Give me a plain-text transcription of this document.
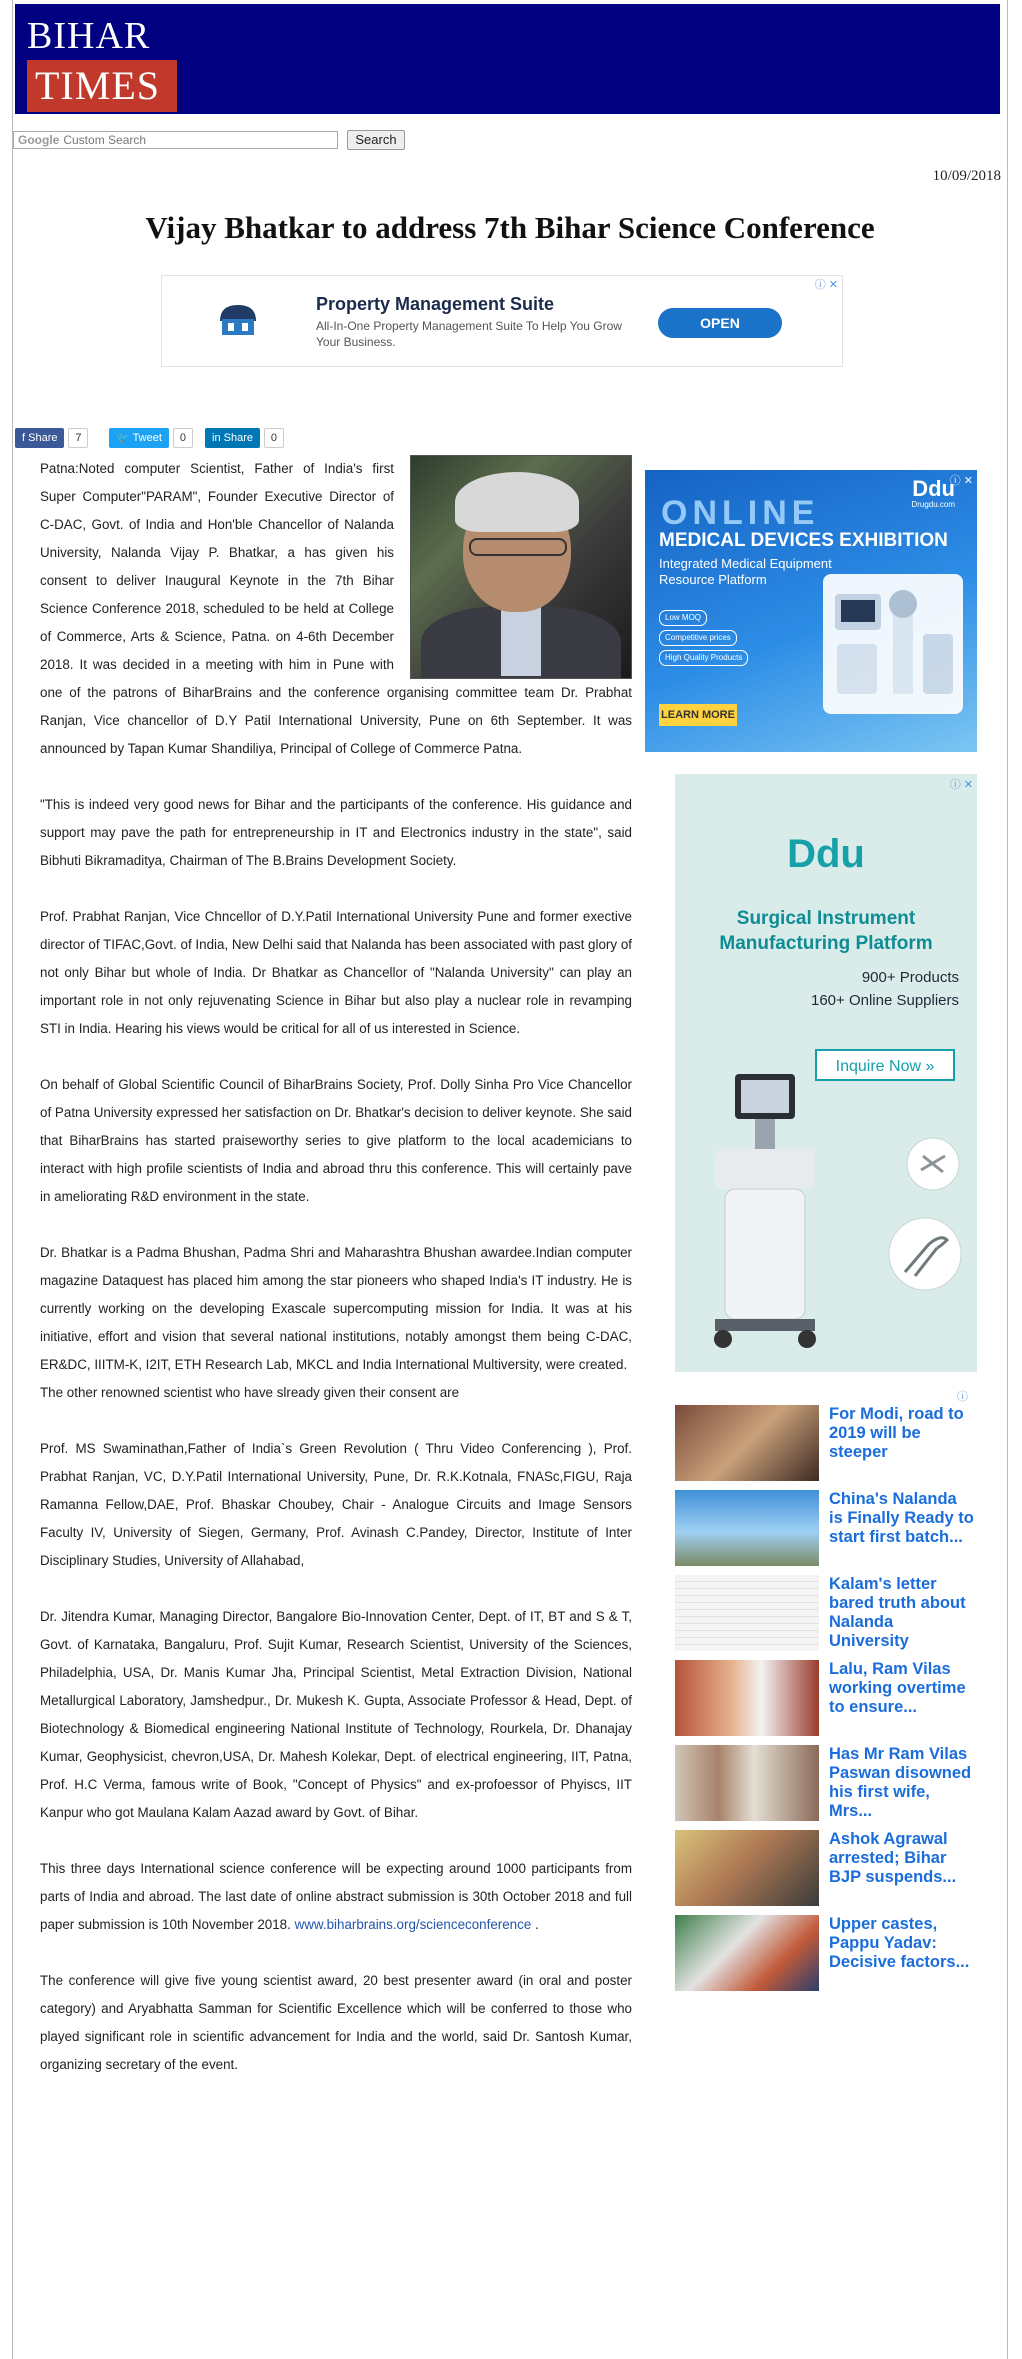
BIHAR
TIMES
Google Custom Search	Search
10/09/2018
Vijay Bhatkar to address 7th Bihar Science Conference
Property Management Suite
All-In-One Property Management Suite To Help You Grow Your Business.
OPEN
ⓘ ✕
f Share 7	🐦 Tweet 0	in Share 0

Patna:Noted computer Scientist, Father of India's first Super Computer"PARAM", Founder Executive Director of C-DAC, Govt. of India and Hon'ble Chancellor of Nalanda University, Nalanda Vijay P. Bhatkar, a has given his consent to deliver Inaugural Keynote in the 7th Bihar Science Conference 2018, scheduled to be held at College of Commerce, Arts & Science, Patna. on 4-6th December 2018. It was decided in a meeting with him in Pune with one of the patrons of BiharBrains and the conference organising committee team Dr. Prabhat Ranjan, Vice chancellor of D.Y Patil International University, Pune on 6th September. It was announced by Tapan Kumar Shandiliya, Principal of College of Commerce Patna.

"This is indeed very good news for Bihar and the participants of the conference. His guidance and support may pave the path for entrepreneurship in IT and Electronics industry in the state", said Bibhuti Bikramaditya, Chairman of The B.Brains Development Society.

Prof. Prabhat Ranjan, Vice Chncellor of D.Y.Patil International University Pune and former exective director of TIFAC,Govt. of India, New Delhi said that Nalanda has been associated with past glory of not only Bihar but whole of India. Dr Bhatkar as Chancellor of "Nalanda University" can play an important role in not only rejuvenating Science in Bihar but also play a nuclear role in revamping STI in India. Hearing his views would be critical for all of us interested in Science.

On behalf of Global Scientific Council of BiharBrains Society, Prof. Dolly Sinha Pro Vice Chancellor of Patna University expressed her satisfaction on Dr. Bhatkar's decision to deliver keynote. She said that BiharBrains has started praiseworthy series to give platform to the local academicians to interact with high profile scientists of India and abroad thru this conference. This will certainly pave in ameliorating R&D environment in the state.

Dr. Bhatkar is a Padma Bhushan, Padma Shri and Maharashtra Bhushan awardee.Indian computer magazine Dataquest has placed him among the star pioneers who shaped India's IT industry. He is currently working on the developing Exascale supercomputing mission for India. It was at his initiative, effort and vision that several national institutions, notably amongst them being C-DAC, ER&DC, IIITM-K, I2IT, ETH Research Lab, MKCL and India International Multiversity, were created.

The other renowned scientist who have slready given their consent are

Prof. MS Swaminathan,Father of India`s Green Revolution ( Thru Video Conferencing ), Prof. Prabhat Ranjan, VC, D.Y.Patil International University, Pune, Dr. R.K.Kotnala, FNASc,FIGU, Raja Ramanna Fellow,DAE, Prof. Bhaskar Choubey, Chair - Analogue Circuits and Image Sensors Faculty IV, University of Siegen, Germany, Prof. Avinash C.Pandey, Director, Institute of Inter Disciplinary Studies, University of Allahabad,

Dr. Jitendra Kumar, Managing Director, Bangalore Bio-Innovation Center, Dept. of IT, BT and S & T, Govt. of Karnataka, Bangaluru, Prof. Sujit Kumar, Research Scientist, University of the Sciences, Philadelphia, USA, Dr. Manis Kumar Jha, Principal Scientist, Metal Extraction Division, National Metallurgical Laboratory, Jamshedpur., Dr. Mukesh K. Gupta, Associate Professor & Head, Dept. of Biotechnology & Biomedical engineering National Institute of Technology, Rourkela, Dr. Dhanajay Kumar, Geophysicist, chevron,USA, Dr. Mahesh Kolekar, Dept. of electrical engineering, IIT, Patna, Prof. H.C Verma, famous write of Book, "Concept of Physics" and ex-profoessor of Phyiscs, IIT Kanpur who got Maulana Kalam Aazad award by Govt. of Bihar.

This three days International science conference will be expecting around 1000 participants from parts of India and abroad. The last date of online abstract submission is 30th October 2018 and full paper submission is 10th November 2018. www.biharbrains.org/scienceconference .

The conference will give five young scientist award, 20 best presenter award (in oral and poster category) and Aryabhatta Samman for Scientific Excellence which will be conferred to those who played significant role in scientific advancement for India and the world, said Dr. Santosh Kumar, organizing secretary of the event.

ONLINE
MEDICAL DEVICES EXHIBITION
Integrated Medical Equipment Resource Platform
Low MOQ
Competitive prices
High Quality Products
LEARN MORE
Ddu
Drugdu.com
ⓘ ✕
Ddu
Surgical Instrument
Manufacturing Platform
900+ Products
160+ Online Suppliers
Inquire Now »
ⓘ ✕
ⓘ
For Modi, road to 2019 will be steeper
China's Nalanda is Finally Ready to start first batch...
Kalam's letter bared truth about Nalanda University
Lalu, Ram Vilas working overtime to ensure...
Has Mr Ram Vilas Paswan disowned his first wife, Mrs...
Ashok Agrawal arrested; Bihar BJP suspends...
Upper castes, Pappu Yadav: Decisive factors...
